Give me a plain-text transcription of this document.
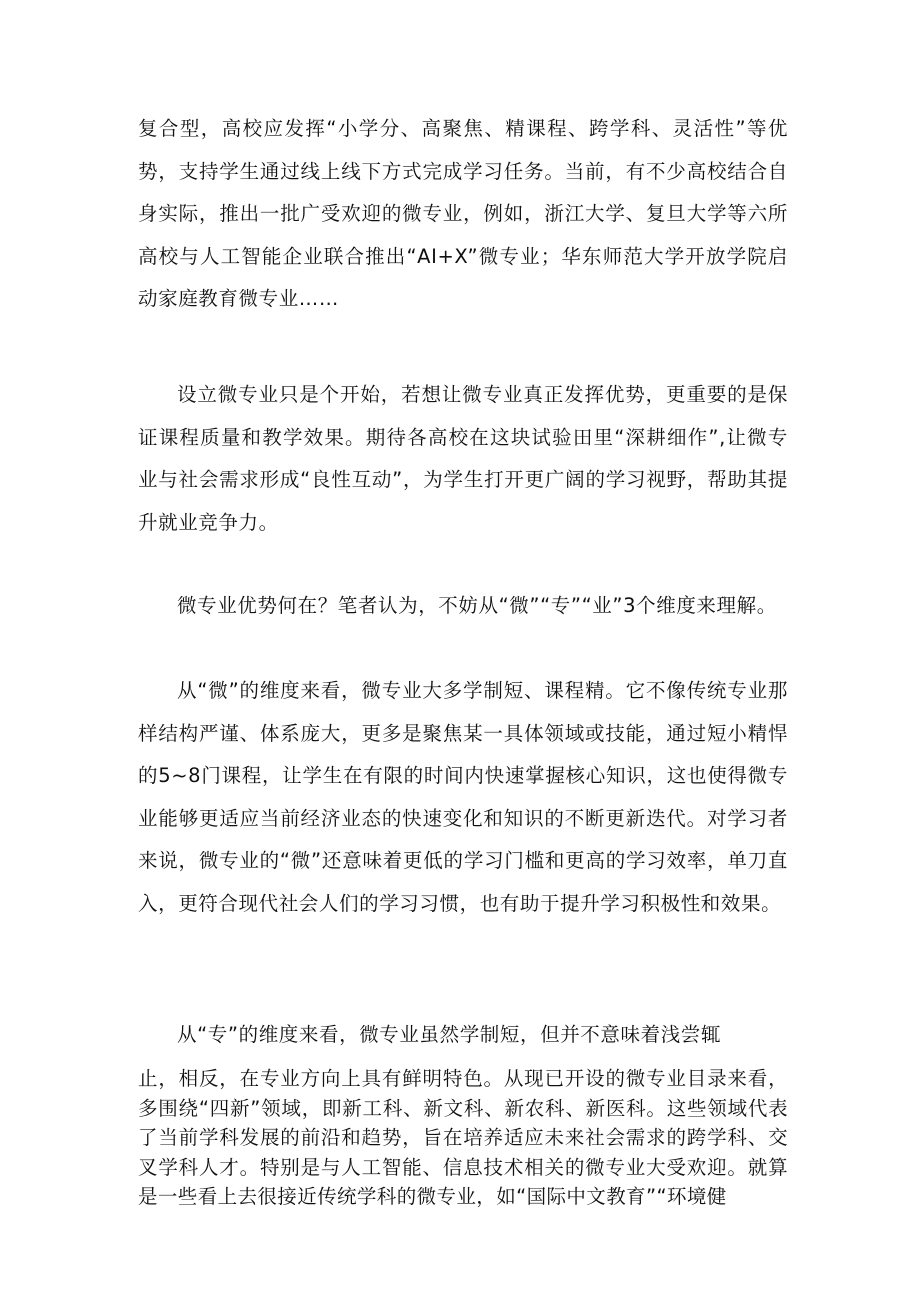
复合型，高校应发挥“小学分、高聚焦、精课程、跨学科、灵活性”等优势，支持学生通过线上线下方式完成学习任务。当前，有不少高校结合自身实际，推出一批广受欢迎的微专业，例如，浙江大学、复旦大学等六所高校与人工智能企业联合推出“AI+X”微专业；华东师范大学开放学院启动家庭教育微专业……

设立微专业只是个开始，若想让微专业真正发挥优势，更重要的是保证课程质量和教学效果。期待各高校在这块试验田里“深耕细作”,让微专业与社会需求形成“良性互动”，为学生打开更广阔的学习视野，帮助其提升就业竞争力。

微专业优势何在？笔者认为，不妨从“微”“专”“业”3个维度来理解。

从“微”的维度来看，微专业大多学制短、课程精。它不像传统专业那样结构严谨、体系庞大，更多是聚焦某一具体领域或技能，通过短小精悍的5~8门课程，让学生在有限的时间内快速掌握核心知识，这也使得微专业能够更适应当前经济业态的快速变化和知识的不断更新迭代。对学习者来说，微专业的“微”还意味着更低的学习门槛和更高的学习效率，单刀直入，更符合现代社会人们的学习习惯，也有助于提升学习积极性和效果。

从“专”的维度来看，微专业虽然学制短，但并不意味着浅尝辄

止，相反，在专业方向上具有鲜明特色。从现已开设的微专业目录来看，多围绕“四新”领域，即新工科、新文科、新农科、新医科。这些领域代表了当前学科发展的前沿和趋势，旨在培养适应未来社会需求的跨学科、交叉学科人才。特别是与人工智能、信息技术相关的微专业大受欢迎。就算是一些看上去很接近传统学科的微专业，如“国际中文教育”“环境健
